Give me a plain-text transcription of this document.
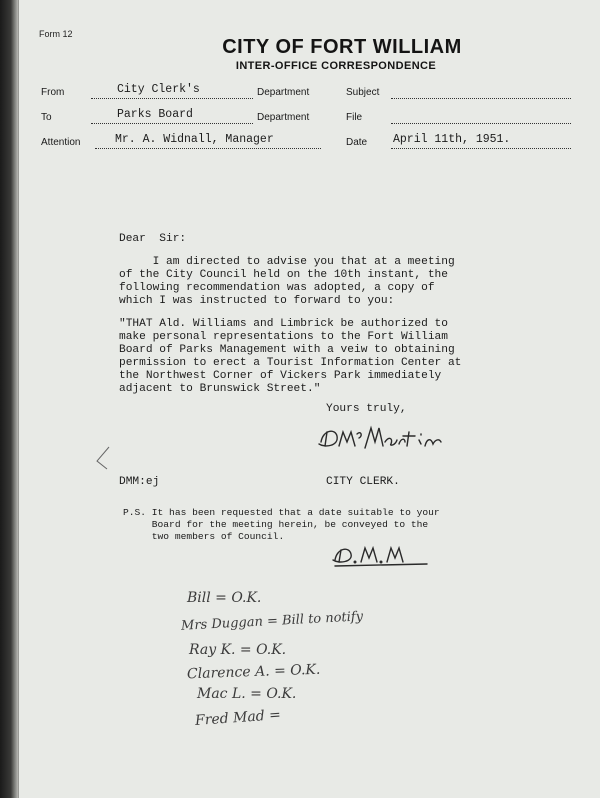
Form 12
CITY OF FORT WILLIAM
INTER-OFFICE CORRESPONDENCE
From	City Clerk's	Department	Subject
To	Parks Board	Department	File
Attention	Mr. A. Widnall, Manager	Date April 11th, 1951.
Dear  Sir:
I am directed to advise you that at a meeting
of the City Council held on the 10th instant, the
following recommendation was adopted, a copy of
which I was instructed to forward to you:
"THAT Ald. Williams and Limbrick be authorized to
make personal representations to the Fort William
Board of Parks Management with a veiw to obtaining
permission to erect a Tourist Information Center at
the Northwest Corner of Vickers Park immediately
adjacent to Brunswick Street."
Yours truly,
DMM:ej	CITY CLERK.
P.S. It has been requested that a date suitable to your
Board for the meeting herein, be conveyed to the
two members of Council.
Bill = O.K.
Mrs Duggan = Bill to notify
Ray K. = O.K.
Clarence A. = O.K.
Mac L. = O.K.
Fred Mad =
